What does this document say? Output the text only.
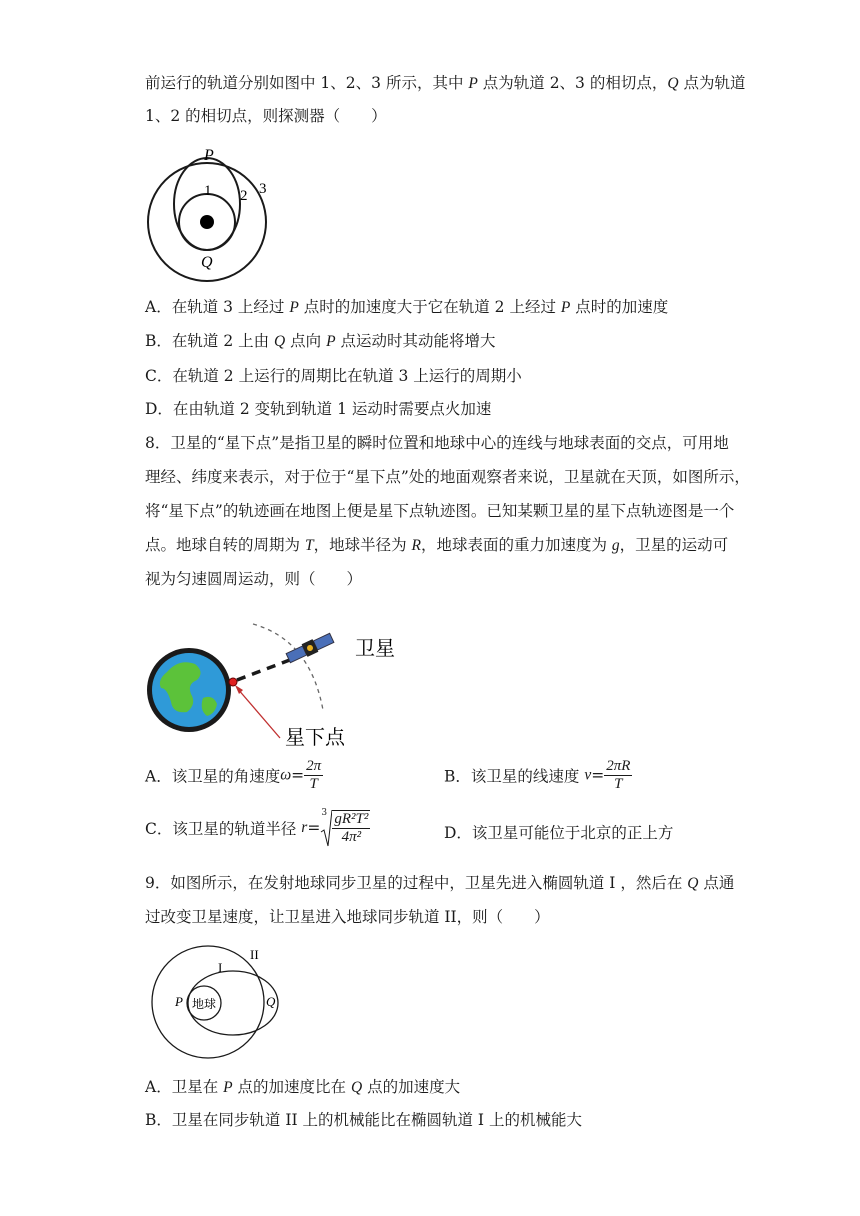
前运行的轨道分别如图中 1、2、3 所示，其中 P 点为轨道 2、3 的相切点，Q 点为轨道
1、2 的相切点，则探测器（　　）
P
1 2 3
Q
A．在轨道 3 上经过 P 点时的加速度大于它在轨道 2 上经过 P 点时的加速度
B．在轨道 2 上由 Q 点向 P 点运动时其动能将增大
C．在轨道 2 上运行的周期比在轨道 3 上运行的周期小
D．在由轨道 2 变轨到轨道 1 运动时需要点火加速
8．卫星的“星下点”是指卫星的瞬时位置和地球中心的连线与地球表面的交点，可用地
理经、纬度来表示，对于位于“星下点”处的地面观察者来说，卫星就在天顶，如图所示，
将“星下点”的轨迹画在地图上便是星下点轨迹图。已知某颗卫星的星下点轨迹图是一个
点。地球自转的周期为 T，地球半径为 R，地球表面的重力加速度为 g，卫星的运动可
视为匀速圆周运动，则（　　）
卫星
星下点
A．该卫星的角速度$\omega= \frac{2\pi}{T}$	B．该卫星的线速度 $v= \frac{2\pi R}{T}$
C．该卫星的轨道半径 r=
$3 \frac{\text{gR²T²}}{\text{4π²}}$	D．该卫星可能位于北京的正上方
9．如图所示，在发射地球同步卫星的过程中，卫星先进入椭圆轨道 I ，然后在 Q 点通
过改变卫星速度，让卫星进入地球同步轨道 II，则（　　）
II
I
P 地球	Q
A．卫星在 P 点的加速度比在 Q 点的加速度大
B．卫星在同步轨道 II 上的机械能比在椭圆轨道 I 上的机械能大
